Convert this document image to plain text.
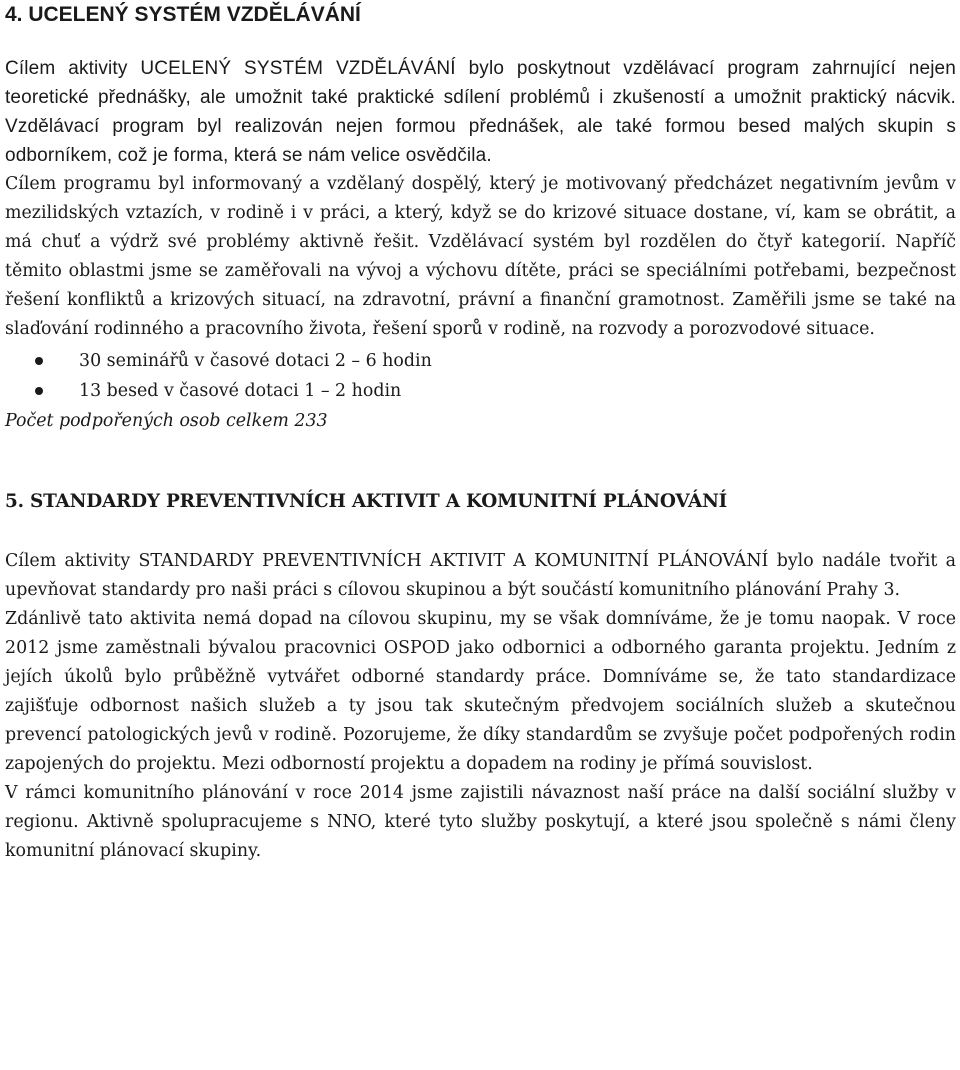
4. UCELENÝ SYSTÉM VZDĚLÁVÁNÍ

Cílem aktivity UCELENÝ SYSTÉM VZDĚLÁVÁNÍ bylo poskytnout vzdělávací program zahrnující nejen teoretické přednášky, ale umožnit také praktické sdílení problémů i zkušeností a umožnit praktický nácvik. Vzdělávací program byl realizován nejen formou přednášek, ale také formou besed malých skupin s odborníkem, což je forma, která se nám velice osvědčila.

Cílem programu byl informovaný a vzdělaný dospělý, který je motivovaný předcházet negativním jevům v mezilidských vztazích, v rodině i v práci, a který, když se do krizové situace dostane, ví, kam se obrátit, a má chuť a výdrž své problémy aktivně řešit. Vzdělávací systém byl rozdělen do čtyř kategorií. Napříč těmito oblastmi jsme se zaměřovali na vývoj a výchovu dítěte, práci se speciálními potřebami, bezpečnost řešení konfliktů a krizových situací, na zdravotní, právní a finanční gramotnost. Zaměřili jsme se také na slaďování rodinného a pracovního života, řešení sporů v rodině, na rozvody a porozvodové situace.

30 seminářů v časové dotaci 2 – 6 hodin
13 besed v časové dotaci 1 – 2 hodin

Počet podpořených osob celkem 233

5. STANDARDY PREVENTIVNÍCH AKTIVIT A KOMUNITNÍ PLÁNOVÁNÍ

Cílem aktivity STANDARDY PREVENTIVNÍCH AKTIVIT A KOMUNITNÍ PLÁNOVÁNÍ bylo nadále tvořit a upevňovat standardy pro naši práci s cílovou skupinou a být součástí komunitního plánování Prahy 3.

Zdánlivě tato aktivita nemá dopad na cílovou skupinu, my se však domníváme, že je tomu naopak. V roce 2012 jsme zaměstnali bývalou pracovnici OSPOD jako odbornici a odborného garanta projektu. Jedním z jejích úkolů bylo průběžně vytvářet odborné standardy práce. Domníváme se, že tato standardizace zajišťuje odbornost našich služeb a ty jsou tak skutečným předvojem sociálních služeb a skutečnou prevencí patologických jevů v rodině. Pozorujeme, že díky standardům se zvyšuje počet podpořených rodin zapojených do projektu. Mezi odborností projektu a dopadem na rodiny je přímá souvislost.

V rámci komunitního plánování v roce 2014 jsme zajistili návaznost naší práce na další sociální služby v regionu. Aktivně spolupracujeme s NNO, které tyto služby poskytují, a které jsou společně s námi členy komunitní plánovací skupiny.
